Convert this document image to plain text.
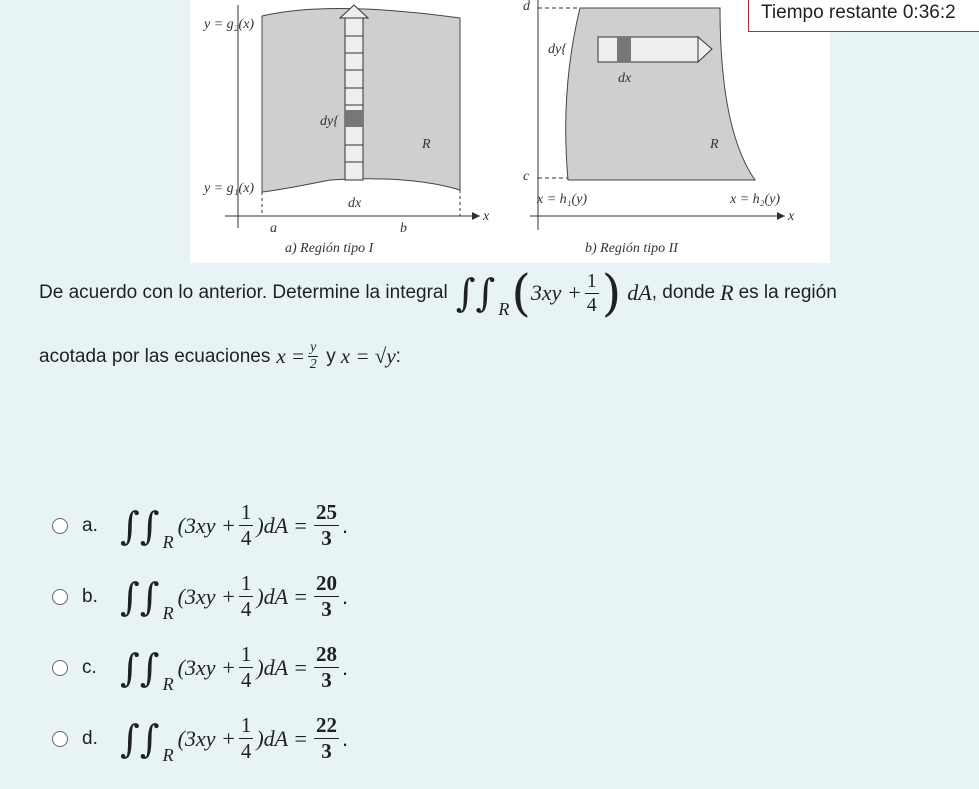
y = g₂(x)
y = g₁(x)
dy{
dx
R
a	b
x
a) Región tipo I
dy{
dx
R
d
c
x = h₁(y)	x = h₂(y)
x
b) Región tipo II
Tiempo restante 0:36:2
De acuerdo con lo anterior. Determine la integral ∫∫ R ( $3xy + \frac{1}{4}$ ) dA , donde R es la región
acotada por las ecuaciones $x = \frac{y}{2}$ y x = √y :
a. ∫∫ R
$(3xy + \frac{1}{4} )dA = \frac{25}{3}$ .
b. ∫∫ R
$(3xy + \frac{1}{4} )dA = \frac{20}{3}$ .
c. ∫∫ R
$(3xy + \frac{1}{4} )dA = \frac{28}{3}$ .
d. ∫∫ R
$(3xy + \frac{1}{4} )dA = \frac{22}{3}$ .
